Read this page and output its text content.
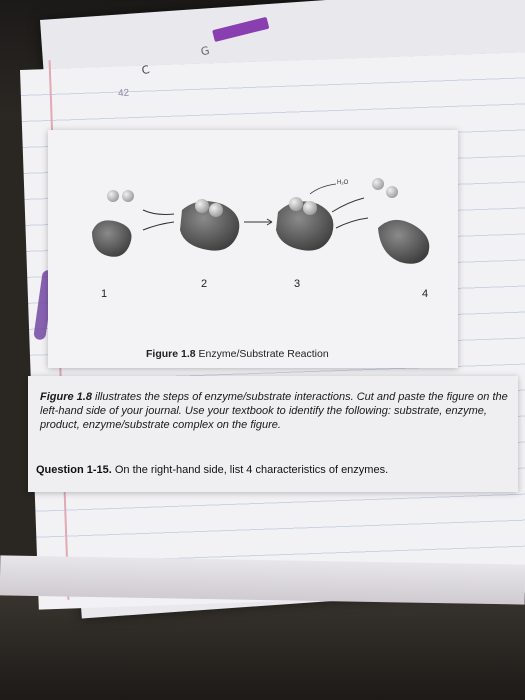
C
G
42
H₂O
1
2	3
4
Figure 1.8 Enzyme/Substrate Reaction

Figure 1.8 illustrates the steps of enzyme/substrate interactions. Cut and paste the figure on the left-hand side of your journal. Use your textbook to identify the following: substrate, enzyme, product, enzyme/substrate complex on the figure.

Question 1-15. On the right-hand side, list 4 characteristics of enzymes.
